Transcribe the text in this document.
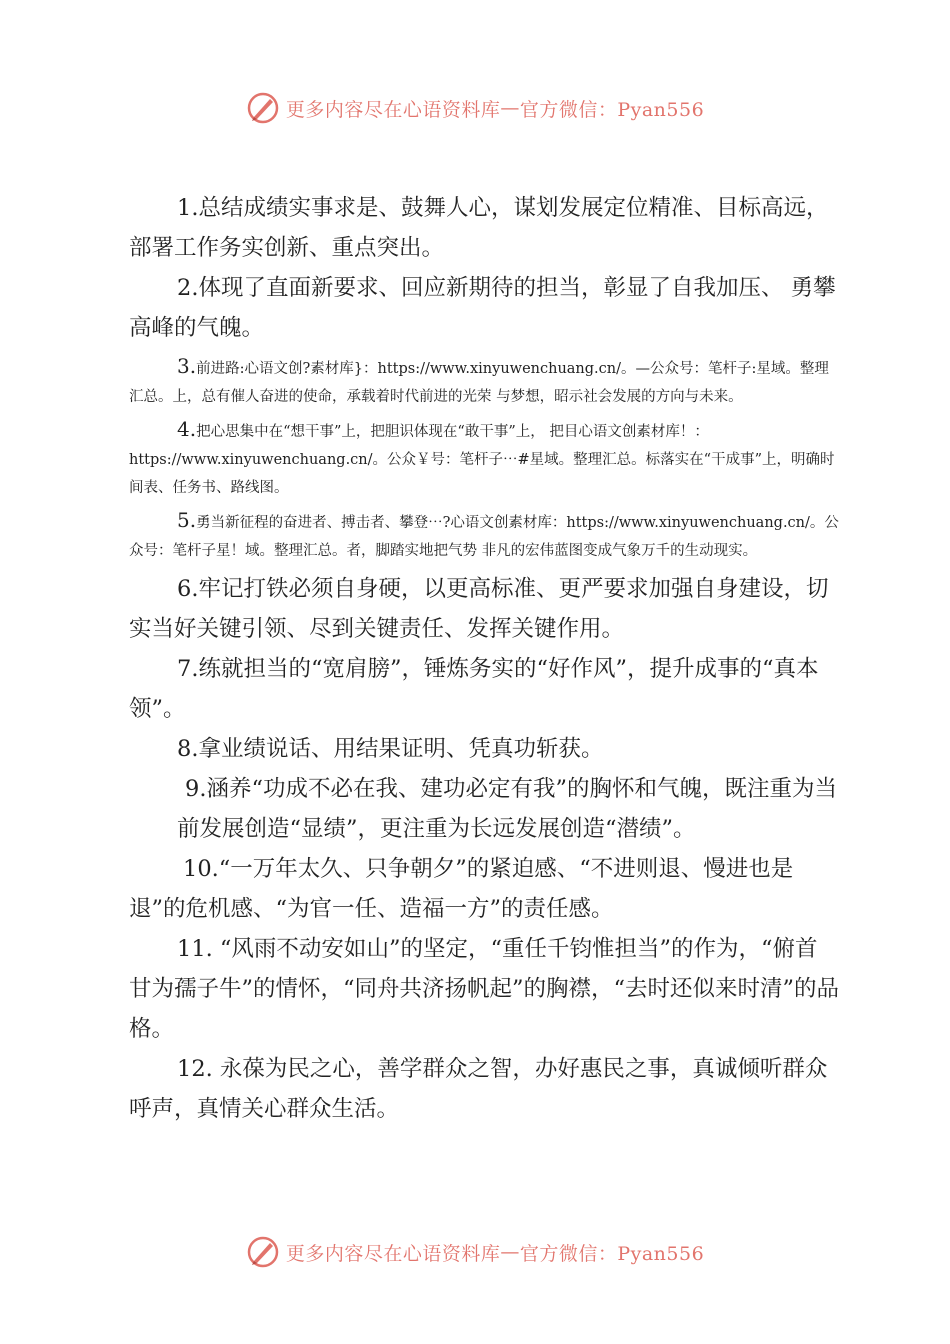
更多内容尽在心语资料库 — 官方微信：Pyan556

1.总结成绩实事求是、鼓舞人心，谋划发展定位精准、目标高远，部署工作务实创新、重点突出。

2.体现了直面新要求、回应新期待的担当，彰显了自我加压、 勇攀高峰的气魄。

3.前进路:心语文创?素材库}：https://www.xinyuwenchuang.cn/。—公众号：笔杆子:星域。整理汇总。上，总有催人奋进的使命，承载着时代前进的光荣 与梦想，昭示社会发展的方向与未来。

4.把心思集中在“想干事”上，把胆识体现在“敢干事”上， 把目心语文创素材库！：https://www.xinyuwenchuang.cn/。公众￥号：笔杆子⋯#星域。整理汇总。标落实在“干成事”上，明确时间表、任务书、路线图。

5.勇当新征程的奋进者、搏击者、攀登⋯?心语文创素材库：https://www.xinyuwenchuang.cn/。公众号：笔杆子星！域。整理汇总。者，脚踏实地把气势 非凡的宏伟蓝图变成气象万千的生动现实。

6.牢记打铁必须自身硬，以更高标准、更严要求加强自身建设，切实当好关键引领、尽到关键责任、发挥关键作用。

7.练就担当的“宽肩膀”，锤炼务实的“好作风”，提升成事的“真本领”。

8.拿业绩说话、用结果证明、凭真功斩获。

9.涵养“功成不必在我、建功必定有我”的胸怀和气魄，既注重为当前发展创造“显绩”，更注重为长远发展创造“潜绩”。

10.“一万年太久、只争朝夕”的紧迫感、“不进则退、慢进也是退”的危机感、“为官一任、造福一方”的责任感。

11. “风雨不动安如山”的坚定，“重任千钧惟担当”的作为，“俯首甘为孺子牛”的情怀，“同舟共济扬帆起”的胸襟，“去时还似来时清”的品格。

12. 永葆为民之心，善学群众之智，办好惠民之事，真诚倾听群众呼声，真情关心群众生活。

更多内容尽在心语资料库 — 官方微信：Pyan556
